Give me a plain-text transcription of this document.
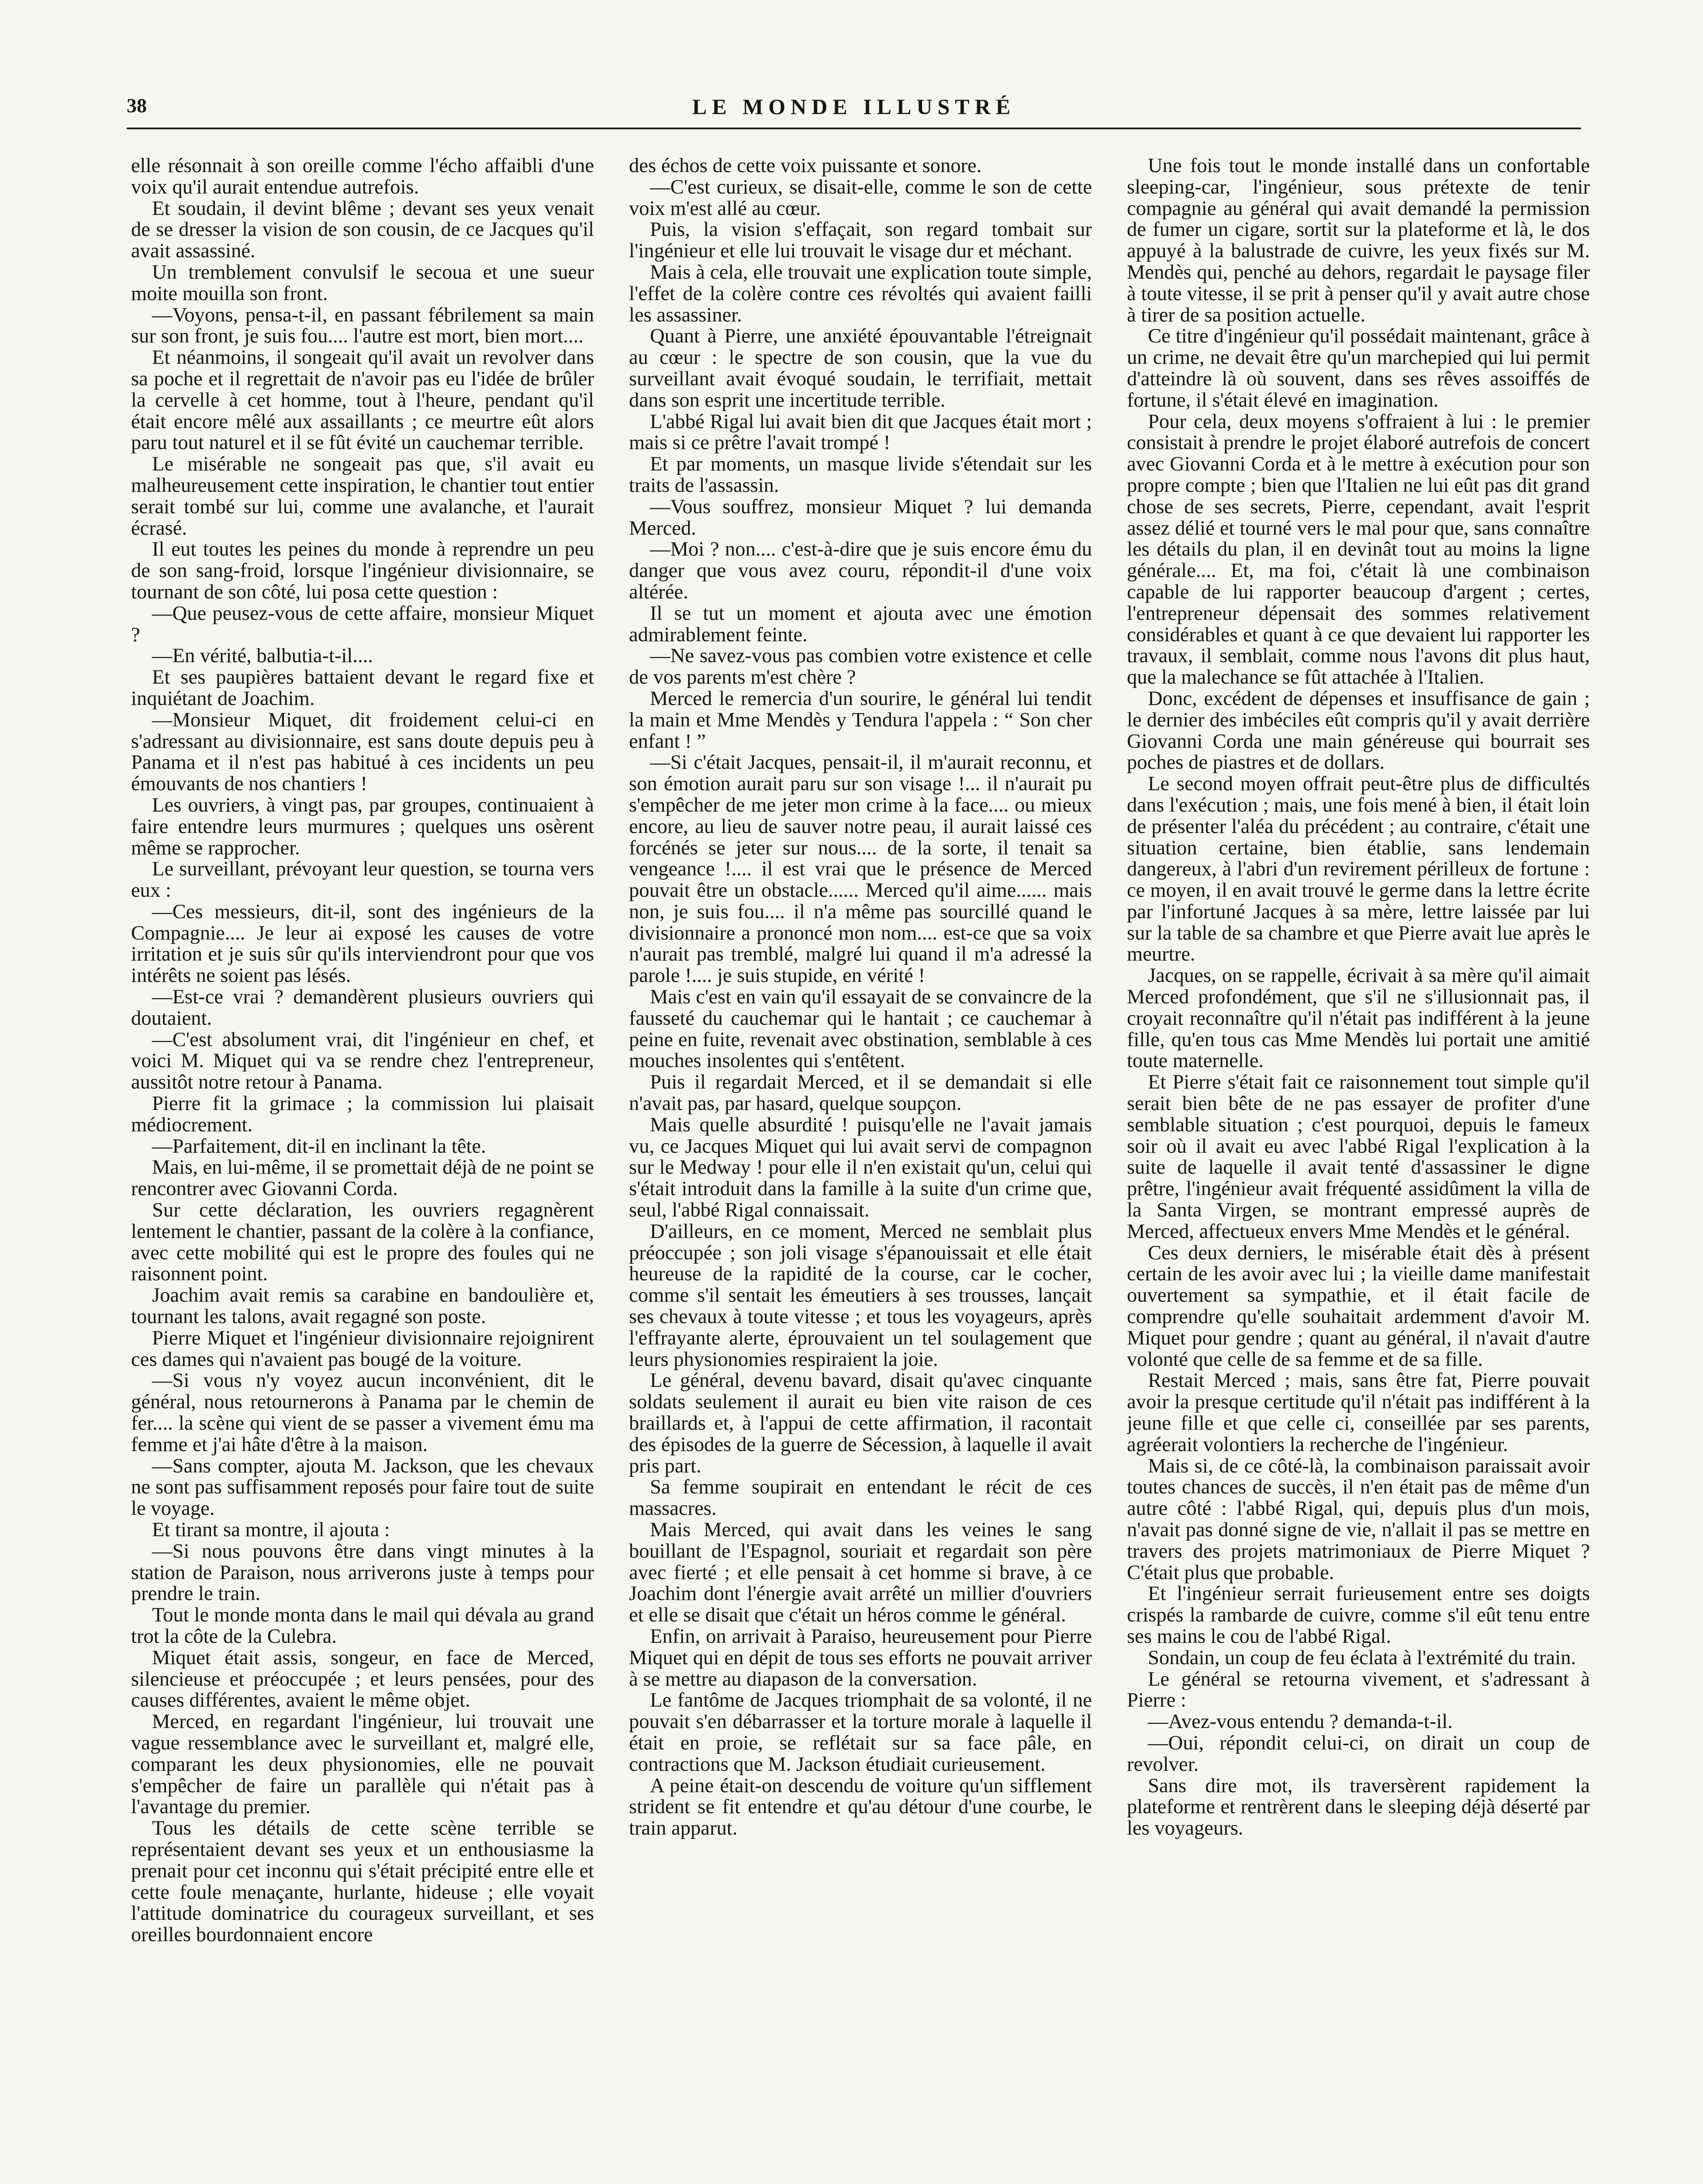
38	LE MONDE ILLUSTRÉ

elle résonnait à son oreille comme l'écho affaibli d'une voix qu'il aurait entendue autrefois.

Et soudain, il devint blême ; devant ses yeux venait de se dresser la vision de son cousin, de ce Jacques qu'il avait assassiné.

Un tremblement convulsif le secoua et une sueur moite mouilla son front.

—Voyons, pensa-t-il, en passant fébrilement sa main sur son front, je suis fou.... l'autre est mort, bien mort....

Et néanmoins, il songeait qu'il avait un revolver dans sa poche et il regrettait de n'avoir pas eu l'idée de brûler la cervelle à cet homme, tout à l'heure, pendant qu'il était encore mêlé aux assaillants ; ce meurtre eût alors paru tout naturel et il se fût évité un cauchemar terrible.

Le misérable ne songeait pas que, s'il avait eu malheureusement cette inspiration, le chantier tout entier serait tombé sur lui, comme une avalanche, et l'aurait écrasé.

Il eut toutes les peines du monde à reprendre un peu de son sang-froid, lorsque l'ingénieur divisionnaire, se tournant de son côté, lui posa cette question :

—Que peusez-vous de cette affaire, monsieur Miquet ?

—En vérité, balbutia-t-il....

Et ses paupières battaient devant le regard fixe et inquiétant de Joachim.

—Monsieur Miquet, dit froidement celui-ci en s'adressant au divisionnaire, est sans doute depuis peu à Panama et il n'est pas habitué à ces incidents un peu émouvants de nos chantiers !

Les ouvriers, à vingt pas, par groupes, continuaient à faire entendre leurs murmures ; quelques uns osèrent même se rapprocher.

Le surveillant, prévoyant leur question, se tourna vers eux :

—Ces messieurs, dit-il, sont des ingénieurs de la Compagnie.... Je leur ai exposé les causes de votre irritation et je suis sûr qu'ils interviendront pour que vos intérêts ne soient pas lésés.

—Est-ce vrai ? demandèrent plusieurs ouvriers qui doutaient.

—C'est absolument vrai, dit l'ingénieur en chef, et voici M. Miquet qui va se rendre chez l'entrepreneur, aussitôt notre retour à Panama.

Pierre fit la grimace ; la commission lui plaisait médiocrement.

—Parfaitement, dit-il en inclinant la tête.

Mais, en lui-même, il se promettait déjà de ne point se rencontrer avec Giovanni Corda.

Sur cette déclaration, les ouvriers regagnèrent lentement le chantier, passant de la colère à la confiance, avec cette mobilité qui est le propre des foules qui ne raisonnent point.

Joachim avait remis sa carabine en bandoulière et, tournant les talons, avait regagné son poste.

Pierre Miquet et l'ingénieur divisionnaire rejoignirent ces dames qui n'avaient pas bougé de la voiture.

—Si vous n'y voyez aucun inconvénient, dit le général, nous retournerons à Panama par le chemin de fer.... la scène qui vient de se passer a vivement ému ma femme et j'ai hâte d'être à la maison.

—Sans compter, ajouta M. Jackson, que les chevaux ne sont pas suffisamment reposés pour faire tout de suite le voyage.

Et tirant sa montre, il ajouta :

—Si nous pouvons être dans vingt minutes à la station de Paraison, nous arriverons juste à temps pour prendre le train.

Tout le monde monta dans le mail qui dévala au grand trot la côte de la Culebra.

Miquet était assis, songeur, en face de Merced, silencieuse et préoccupée ; et leurs pensées, pour des causes différentes, avaient le même objet.

Merced, en regardant l'ingénieur, lui trouvait une vague ressemblance avec le surveillant et, malgré elle, comparant les deux physionomies, elle ne pouvait s'empêcher de faire un parallèle qui n'était pas à l'avantage du premier.

Tous les détails de cette scène terrible se représentaient devant ses yeux et un enthousiasme la prenait pour cet inconnu qui s'était précipité entre elle et cette foule menaçante, hurlante, hideuse ; elle voyait l'attitude dominatrice du courageux surveillant, et ses oreilles bourdonnaient encore

des échos de cette voix puissante et sonore.

—C'est curieux, se disait-elle, comme le son de cette voix m'est allé au cœur.

Puis, la vision s'effaçait, son regard tombait sur l'ingénieur et elle lui trouvait le visage dur et méchant.

Mais à cela, elle trouvait une explication toute simple, l'effet de la colère contre ces révoltés qui avaient failli les assassiner.

Quant à Pierre, une anxiété épouvantable l'étreignait au cœur : le spectre de son cousin, que la vue du surveillant avait évoqué soudain, le terrifiait, mettait dans son esprit une incertitude terrible.

L'abbé Rigal lui avait bien dit que Jacques était mort ; mais si ce prêtre l'avait trompé !

Et par moments, un masque livide s'étendait sur les traits de l'assassin.

—Vous souffrez, monsieur Miquet ? lui demanda Merced.

—Moi ? non.... c'est-à-dire que je suis encore ému du danger que vous avez couru, répondit-il d'une voix altérée.

Il se tut un moment et ajouta avec une émotion admirablement feinte.

—Ne savez-vous pas combien votre existence et celle de vos parents m'est chère ?

Merced le remercia d'un sourire, le général lui tendit la main et Mme Mendès y Tendura l'appela : “ Son cher enfant ! ”

—Si c'était Jacques, pensait-il, il m'aurait reconnu, et son émotion aurait paru sur son visage !... il n'aurait pu s'empêcher de me jeter mon crime à la face.... ou mieux encore, au lieu de sauver notre peau, il aurait laissé ces forcénés se jeter sur nous.... de la sorte, il tenait sa vengeance !.... il est vrai que le présence de Merced pouvait être un obstacle...... Merced qu'il aime...... mais non, je suis fou.... il n'a même pas sourcillé quand le divisionnaire a prononcé mon nom.... est-ce que sa voix n'aurait pas tremblé, malgré lui quand il m'a adressé la parole !.... je suis stupide, en vérité !

Mais c'est en vain qu'il essayait de se convaincre de la fausseté du cauchemar qui le hantait ; ce cauchemar à peine en fuite, revenait avec obstination, semblable à ces mouches insolentes qui s'entêtent.

Puis il regardait Merced, et il se demandait si elle n'avait pas, par hasard, quelque soupçon.

Mais quelle absurdité ! puisqu'elle ne l'avait jamais vu, ce Jacques Miquet qui lui avait servi de compagnon sur le Medway ! pour elle il n'en existait qu'un, celui qui s'était introduit dans la famille à la suite d'un crime que, seul, l'abbé Rigal connaissait.

D'ailleurs, en ce moment, Merced ne semblait plus préoccupée ; son joli visage s'épanouissait et elle était heureuse de la rapidité de la course, car le cocher, comme s'il sentait les émeutiers à ses trousses, lançait ses chevaux à toute vitesse ; et tous les voyageurs, après l'effrayante alerte, éprouvaient un tel soulagement que leurs physionomies respiraient la joie.

Le général, devenu bavard, disait qu'avec cinquante soldats seulement il aurait eu bien vite raison de ces braillards et, à l'appui de cette affirmation, il racontait des épisodes de la guerre de Sécession, à laquelle il avait pris part.

Sa femme soupirait en entendant le récit de ces massacres.

Mais Merced, qui avait dans les veines le sang bouillant de l'Espagnol, souriait et regardait son père avec fierté ; et elle pensait à cet homme si brave, à ce Joachim dont l'énergie avait arrêté un millier d'ouvriers et elle se disait que c'était un héros comme le général.

Enfin, on arrivait à Paraiso, heureusement pour Pierre Miquet qui en dépit de tous ses efforts ne pouvait arriver à se mettre au diapason de la conversation.

Le fantôme de Jacques triomphait de sa volonté, il ne pouvait s'en débarrasser et la torture morale à laquelle il était en proie, se reflétait sur sa face pâle, en contractions que M. Jackson étudiait curieusement.

A peine était-on descendu de voiture qu'un sifflement strident se fit entendre et qu'au détour d'une courbe, le train apparut.

Une fois tout le monde installé dans un confortable sleeping-car, l'ingénieur, sous prétexte de tenir compagnie au général qui avait demandé la permission de fumer un cigare, sortit sur la plateforme et là, le dos appuyé à la balustrade de cuivre, les yeux fixés sur M. Mendès qui, penché au dehors, regardait le paysage filer à toute vitesse, il se prit à penser qu'il y avait autre chose à tirer de sa position actuelle.

Ce titre d'ingénieur qu'il possédait maintenant, grâce à un crime, ne devait être qu'un marchepied qui lui permit d'atteindre là où souvent, dans ses rêves assoiffés de fortune, il s'était élevé en imagination.

Pour cela, deux moyens s'offraient à lui : le premier consistait à prendre le projet élaboré autrefois de concert avec Giovanni Corda et à le mettre à exécution pour son propre compte ; bien que l'Italien ne lui eût pas dit grand chose de ses secrets, Pierre, cependant, avait l'esprit assez délié et tourné vers le mal pour que, sans connaître les détails du plan, il en devinât tout au moins la ligne générale.... Et, ma foi, c'était là une combinaison capable de lui rapporter beaucoup d'argent ; certes, l'entrepreneur dépensait des sommes relativement considérables et quant à ce que devaient lui rapporter les travaux, il semblait, comme nous l'avons dit plus haut, que la malechance se fût attachée à l'Italien.

Donc, excédent de dépenses et insuffisance de gain ; le dernier des imbéciles eût compris qu'il y avait derrière Giovanni Corda une main généreuse qui bourrait ses poches de piastres et de dollars.

Le second moyen offrait peut-être plus de difficultés dans l'exécution ; mais, une fois mené à bien, il était loin de présenter l'aléa du précédent ; au contraire, c'était une situation certaine, bien établie, sans lendemain dangereux, à l'abri d'un revirement périlleux de fortune : ce moyen, il en avait trouvé le germe dans la lettre écrite par l'infortuné Jacques à sa mère, lettre laissée par lui sur la table de sa chambre et que Pierre avait lue après le meurtre.

Jacques, on se rappelle, écrivait à sa mère qu'il aimait Merced profondément, que s'il ne s'illusionnait pas, il croyait reconnaître qu'il n'était pas indifférent à la jeune fille, qu'en tous cas Mme Mendès lui portait une amitié toute maternelle.

Et Pierre s'était fait ce raisonnement tout simple qu'il serait bien bête de ne pas essayer de profiter d'une semblable situation ; c'est pourquoi, depuis le fameux soir où il avait eu avec l'abbé Rigal l'explication à la suite de laquelle il avait tenté d'assassiner le digne prêtre, l'ingénieur avait fréquenté assidûment la villa de la Santa Virgen, se montrant empressé auprès de Merced, affectueux envers Mme Mendès et le général.

Ces deux derniers, le misérable était dès à présent certain de les avoir avec lui ; la vieille dame manifestait ouvertement sa sympathie, et il était facile de comprendre qu'elle souhaitait ardemment d'avoir M. Miquet pour gendre ; quant au général, il n'avait d'autre volonté que celle de sa femme et de sa fille.

Restait Merced ; mais, sans être fat, Pierre pouvait avoir la presque certitude qu'il n'était pas indifférent à la jeune fille et que celle ci, conseillée par ses parents, agréerait volontiers la recherche de l'ingénieur.

Mais si, de ce côté-là, la combinaison paraissait avoir toutes chances de succès, il n'en était pas de même d'un autre côté : l'abbé Rigal, qui, depuis plus d'un mois, n'avait pas donné signe de vie, n'allait il pas se mettre en travers des projets matrimoniaux de Pierre Miquet ? C'était plus que probable.

Et l'ingénieur serrait furieusement entre ses doigts crispés la rambarde de cuivre, comme s'il eût tenu entre ses mains le cou de l'abbé Rigal.

Sondain, un coup de feu éclata à l'extrémité du train.

Le général se retourna vivement, et s'adressant à Pierre :

—Avez-vous entendu ? demanda-t-il.

—Oui, répondit celui-ci, on dirait un coup de revolver.

Sans dire mot, ils traversèrent rapidement la plateforme et rentrèrent dans le sleeping déjà déserté par les voyageurs.
